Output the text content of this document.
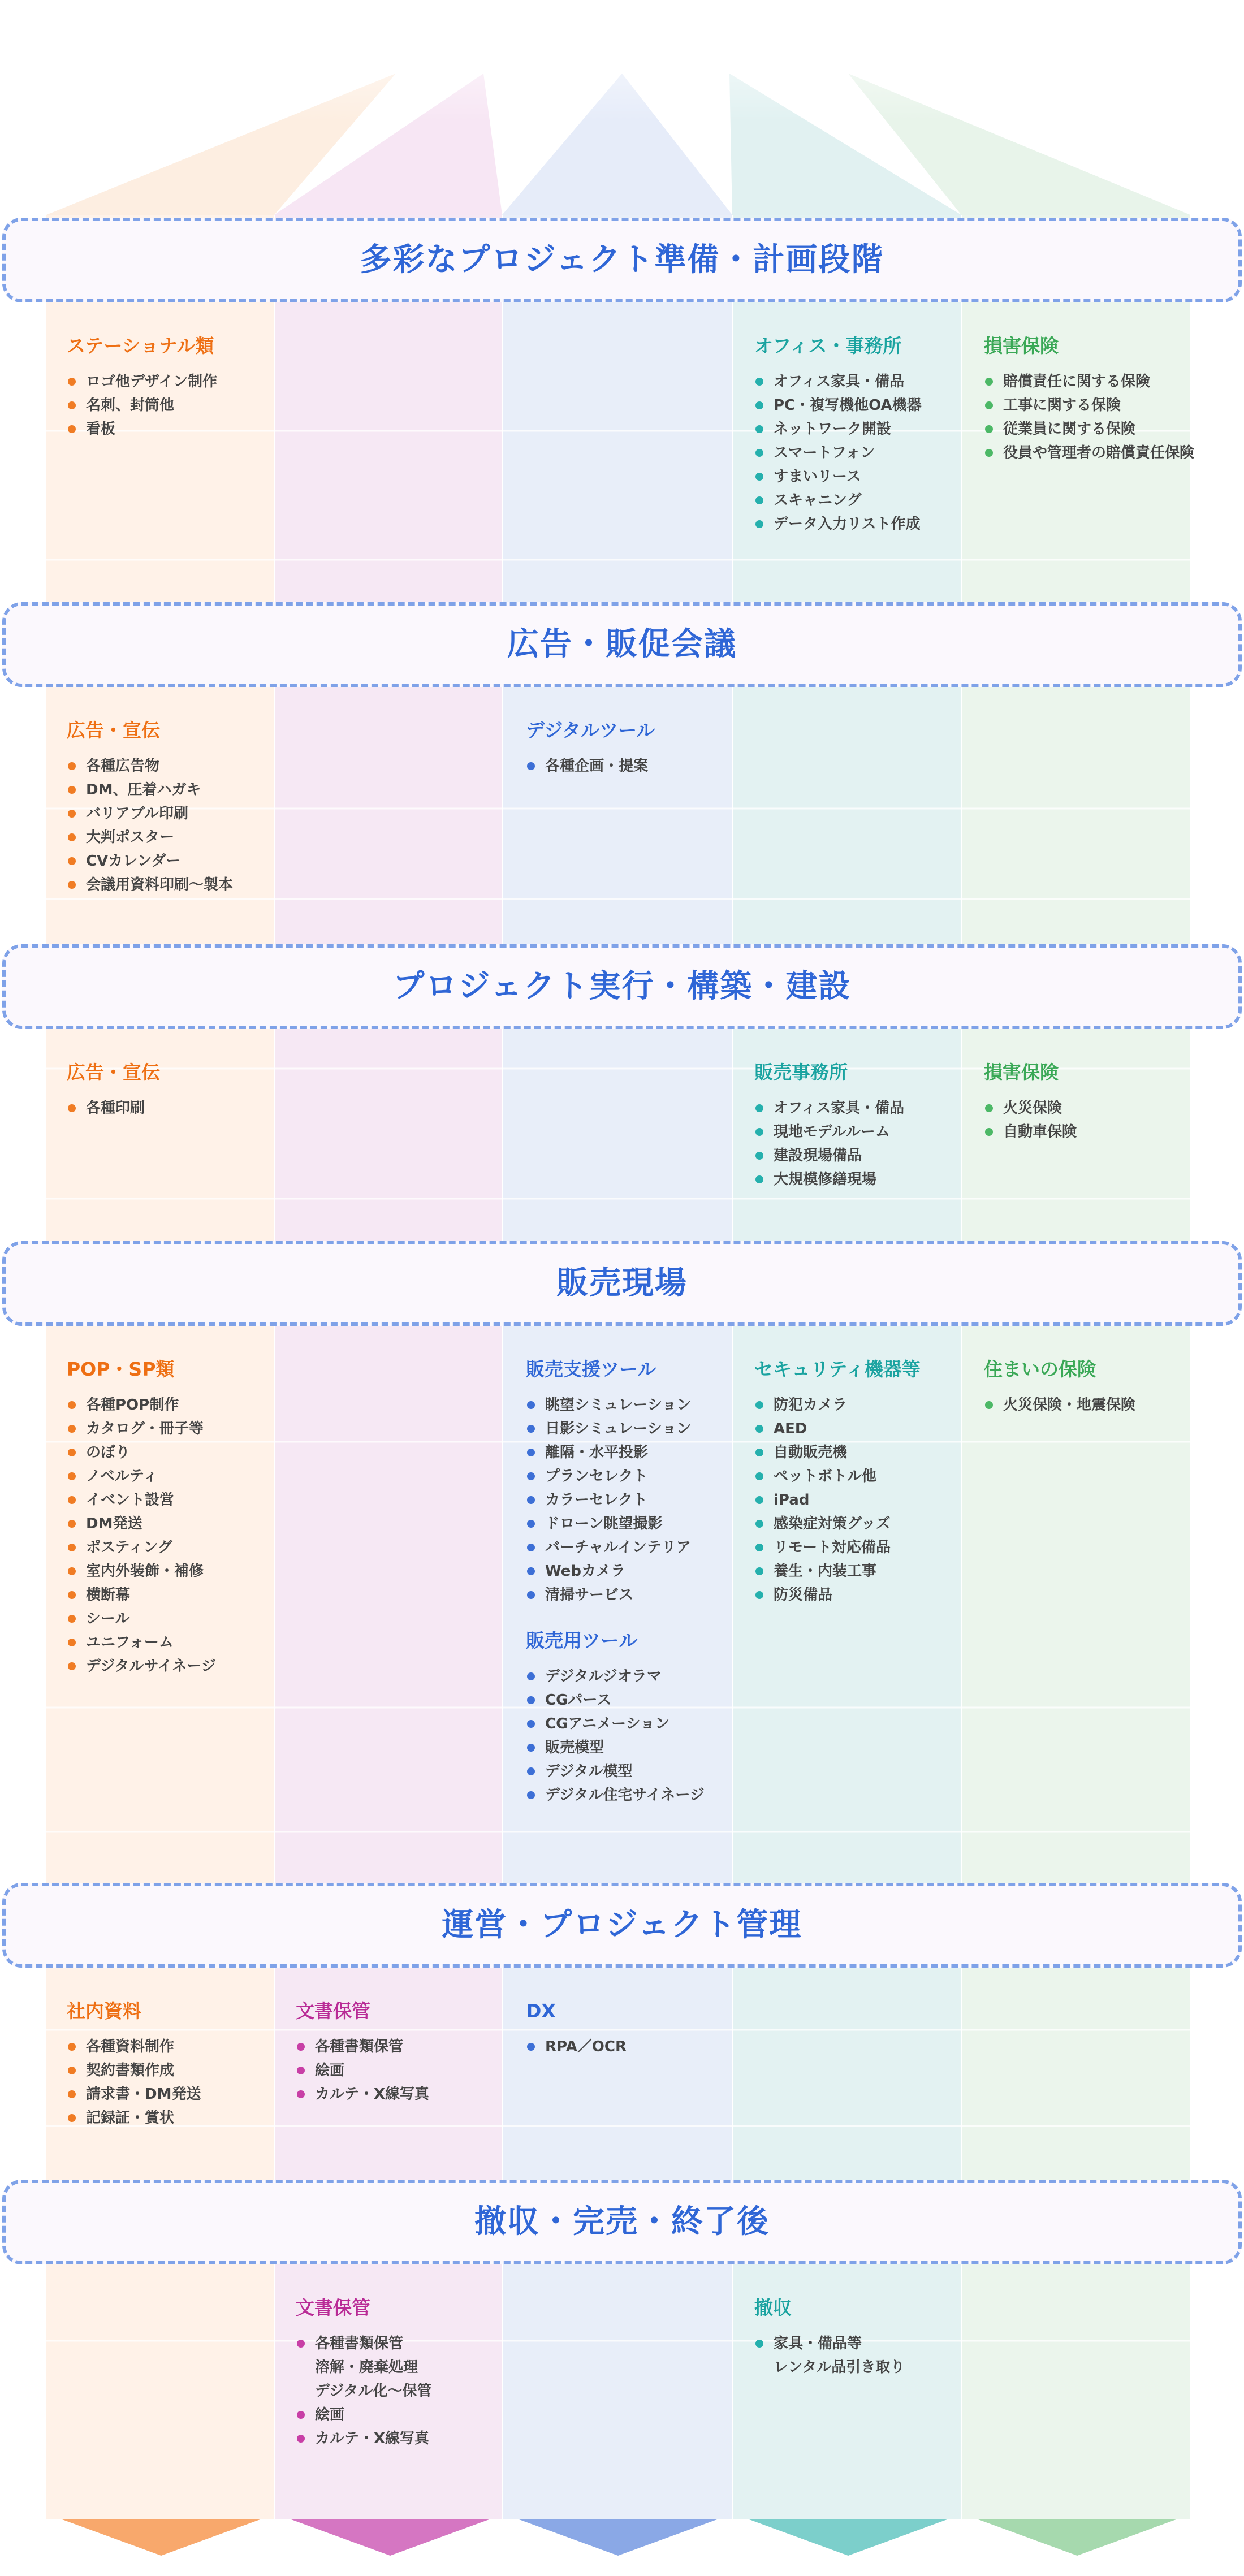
多彩なプロジェクト準備・計画段階
ステーショナル類
ロゴ他デザイン制作
名刺、封筒他
看板
オフィス・事務所
オフィス家具・備品
PC・複写機他OA機器
ネットワーク開設
スマートフォン
すまいリース
スキャニング
データ入力リスト作成
損害保険
賠償責任に関する保険
工事に関する保険
従業員に関する保険
役員や管理者の賠償責任保険
広告・販促会議
広告・宣伝
各種広告物
DM、圧着ハガキ
バリアブル印刷
大判ポスター
CVカレンダー
会議用資料印刷〜製本
デジタルツール
各種企画・提案
プロジェクト実行・構築・建設
広告・宣伝
各種印刷
販売事務所
オフィス家具・備品
現地モデルルーム
建設現場備品
大規模修繕現場
損害保険
火災保険
自動車保険
販売現場
POP・SP類
各種POP制作
カタログ・冊子等
のぼり
ノベルティ
イベント設営
DM発送
ポスティング
室内外装飾・補修
横断幕
シール
ユニフォーム
デジタルサイネージ
販売支援ツール
眺望シミュレーション
日影シミュレーション
離隔・水平投影
プランセレクト
カラーセレクト
ドローン眺望撮影
バーチャルインテリア
Webカメラ
清掃サービス
販売用ツール
デジタルジオラマ
CGパース
CGアニメーション
販売模型
デジタル模型
デジタル住宅サイネージ
セキュリティ機器等
防犯カメラ
AED
自動販売機
ペットボトル他
iPad
感染症対策グッズ
リモート対応備品
養生・内装工事
防災備品
住まいの保険
火災保険・地震保険
運営・プロジェクト管理
社内資料
各種資料制作
契約書類作成
請求書・DM発送
記録証・賞状
文書保管
各種書類保管
絵画
カルテ・X線写真
DX
RPA／OCR
撤収・完売・終了後
文書保管
各種書類保管
溶解・廃棄処理
デジタル化〜保管
絵画
カルテ・X線写真
撤収
家具・備品等
レンタル品引き取り
